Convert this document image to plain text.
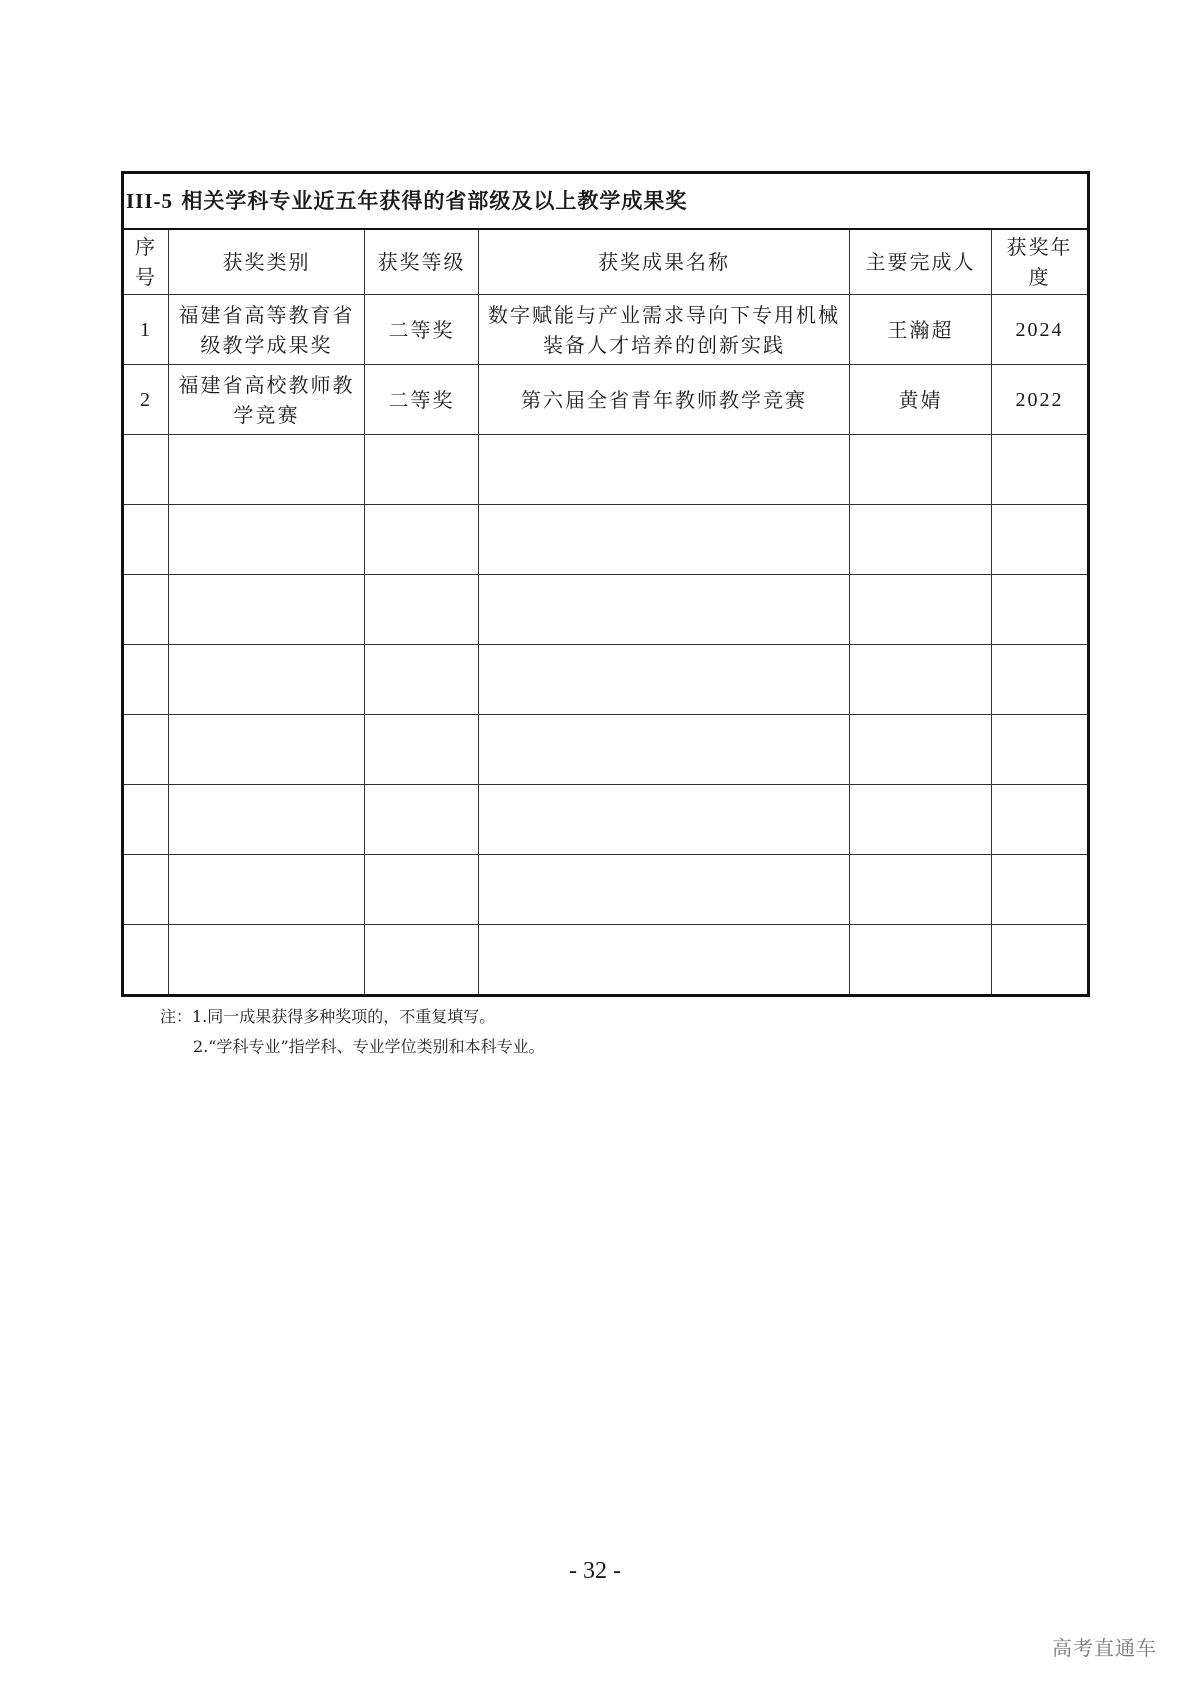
III-5 相关学科专业近五年获得的省部级及以上教学成果奖					
序号	获奖类别	获奖等级	获奖成果名称	主要完成人	获奖年度
1	福建省高等教育省级教学成果奖	二等奖	数字赋能与产业需求导向下专用机械装备人才培养的创新实践	王瀚超	2024
2	福建省高校教师教学竞赛	二等奖	第六届全省青年教师教学竞赛	黄婧	2022

注：1.同一成果获得多种奖项的，不重复填写。
2.“学科专业”指学科、专业学位类别和本科专业。
- 32 -
高考直通车
